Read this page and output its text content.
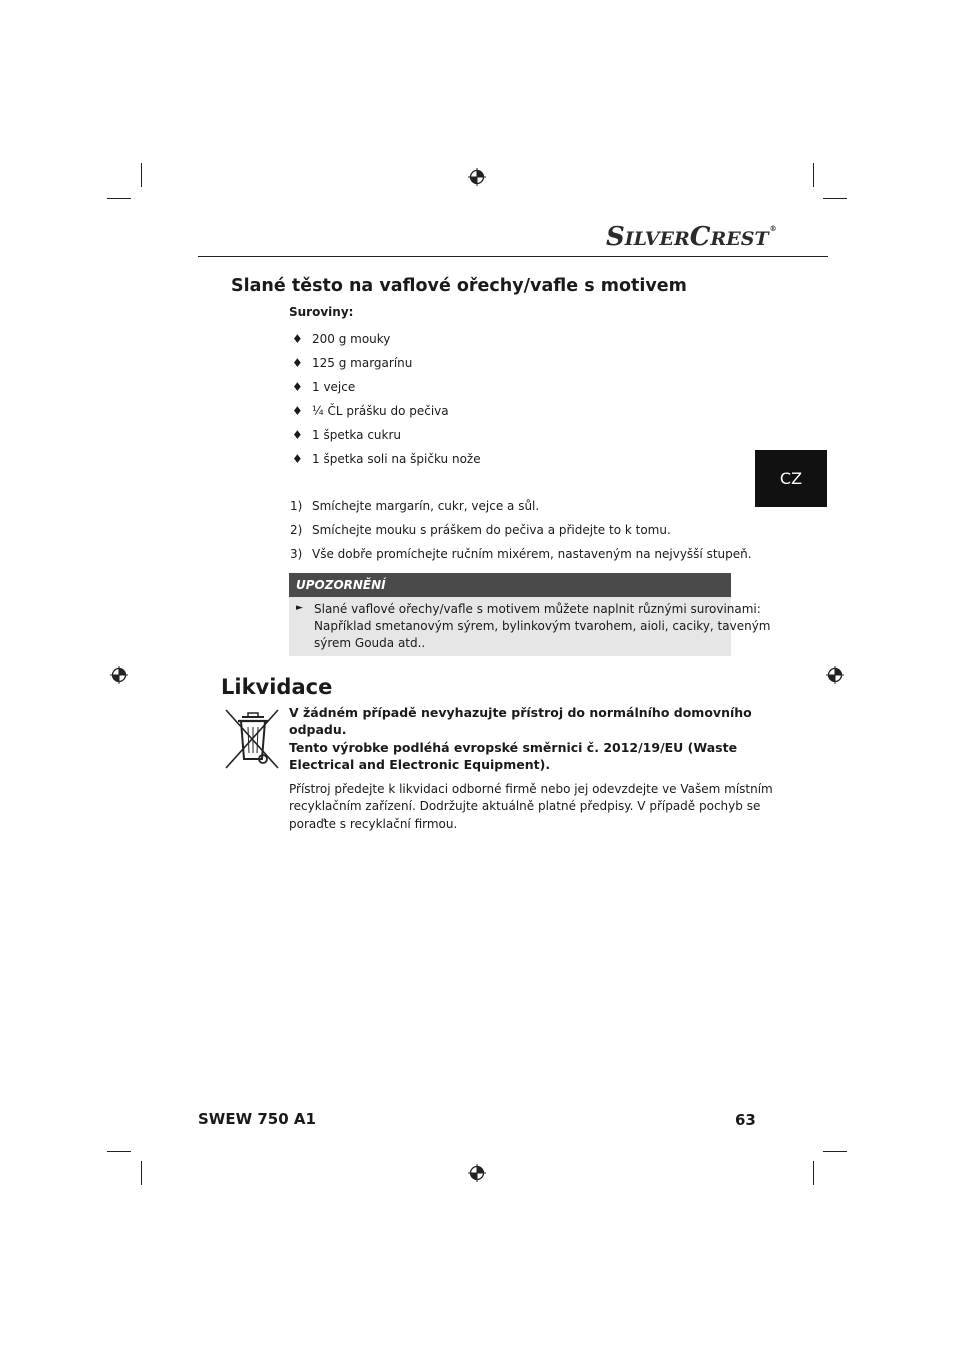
SILVERCREST®
Slané těsto na vaflové ořechy/vafle s motivem
Suroviny:
♦ 200 g mouky
♦ 125 g margarínu
♦ 1 vejce
♦ ¼ ČL prášku do pečiva
♦ 1 špetka cukru
♦ 1 špetka soli na špičku nože
1) Smíchejte margarín, cukr, vejce a sůl.
2) Smíchejte mouku s práškem do pečiva a přidejte to k tomu.
3) Vše dobře promíchejte ručním mixérem, nastaveným na nejvyšší stupeň.
UPOZORNĚNÍ
► Slané vaflové ořechy/vafle s motivem můžete naplnit různými surovinami:
Například smetanovým sýrem, bylinkovým tvarohem, aioli, caciky, taveným
sýrem Gouda atd..
CZ
Likvidace
V žádném případě nevyhazujte přístroj do normálního domovního
odpadu.
Tento výrobke podléhá evropské směrnici č. 2012/19/EU (Waste
Electrical and Electronic Equipment).
Přístroj předejte k likvidaci odborné firmě nebo jej odevzdejte ve Vašem místním
recyklačním zařízení. Dodržujte aktuálně platné předpisy. V případě pochyb se
poraďte s recyklační firmou.
SWEW 750 A1	63
